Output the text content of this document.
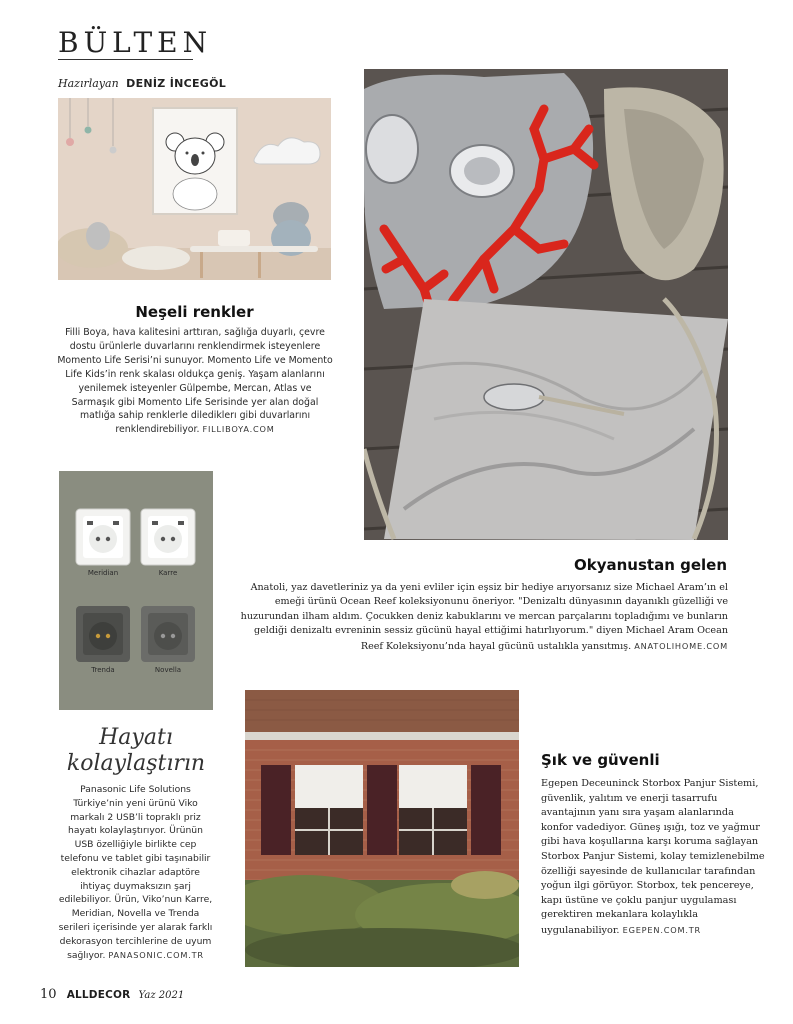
BÜLTEN
Hazırlayan DENİZ İNCEGÖL
Neşeli renkler
Filli Boya, hava kalitesini arttıran, sağlığa duyarlı, çevre dostu ürünlerle duvarlarını renklendirmek isteyenlere Momento Life Serisi’ni sunuyor. Momento Life ve Momento Life Kids’in renk skalası oldukça geniş. Yaşam alanlarını yenilemek isteyenler Gülpembe, Mercan, Atlas ve Sarmaşık gibi Momento Life Serisinde yer alan doğal matlığa sahip renklerle dilediklerı gibi duvarlarını renklendirebiliyor. FILLIBOYA.COM
Okyanustan gelen
Anatoli, yaz davetleriniz ya da yeni evliler için eşsiz bir hediye arıyorsanız size Michael Aram’ın el emeği ürünü Ocean Reef koleksiyonunu öneriyor. "Denizaltı dünyasının dayanıklı güzelliği ve huzurundan ilham aldım. Çocukken deniz kabuklarını ve mercan parçalarını topladığımı ve bunların geldiği denizaltı evreninin sessiz gücünü hayal ettiğimi hatırlıyorum." diyen Michael Aram Ocean Reef Koleksiyonu’nda hayal gücünü ustalıkla yansıtmış. ANATOLIHOME.COM
Meridian	Karre
Trenda	Novella
Hayatı
kolaylaştırın
Panasonic Life Solutions Türkiye’nin yeni ürünü Viko markalı 2 USB’li topraklı priz hayatı kolaylaştırıyor. Ürünün USB özelliğiyle birlikte cep telefonu ve tablet gibi taşınabilir elektronik cihazlar adaptöre ihtiyaç duymaksızın şarj edilebiliyor. Ürün, Viko’nun Karre, Meridian, Novella ve Trenda serileri içerisinde yer alarak farklı dekorasyon tercihlerine de uyum sağlıyor. PANASONIC.COM.TR
Şık ve güvenli
Egepen Deceuninck Storbox Panjur Sistemi, güvenlik, yalıtım ve enerji tasarrufu avantajının yanı sıra yaşam alanlarında konfor vadediyor. Güneş ışığı, toz ve yağmur gibi hava koşullarına karşı koruma sağlayan Storbox Panjur Sistemi, kolay temizlenebilme özelliği sayesinde de kullanıcılar tarafından yoğun ilgi görüyor. Storbox, tek pencereye, kapı üstüne ve çoklu panjur uygulaması gerektiren mekanlara kolaylıkla uygulanabiliyor. EGEPEN.COM.TR
10 ALLDECOR Yaz 2021
